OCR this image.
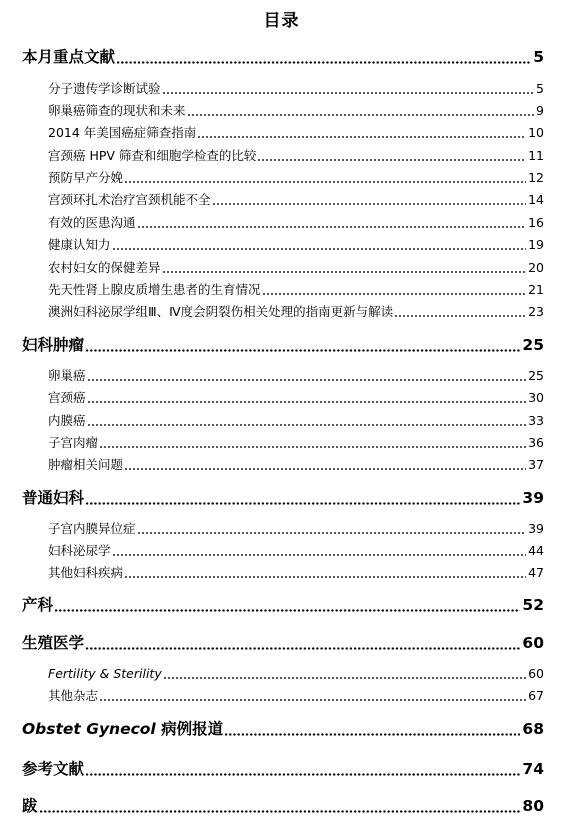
目录
本月重点文献	5
分子遗传学诊断试验	5
卵巢癌筛查的现状和未来	9
2014 年美国癌症筛查指南	10
宫颈癌 HPV 筛查和细胞学检查的比较	11
预防早产分娩	12
宫颈环扎术治疗宫颈机能不全	14
有效的医患沟通	16
健康认知力	19
农村妇女的保健差异	20
先天性肾上腺皮质增生患者的生育情况	21
澳洲妇科泌尿学组Ⅲ、Ⅳ度会阴裂伤相关处理的指南更新与解读	23
妇科肿瘤	25
卵巢癌	25
宫颈癌	30
内膜癌	33
子宫肉瘤	36
肿瘤相关问题	37
普通妇科	39
子宫内膜异位症	39
妇科泌尿学	44
其他妇科疾病	47
产科	52
生殖医学	60
Fertility & Sterility	60
其他杂志	67
Obstet Gynecol 病例报道	68
参考文献	74
跋	80
